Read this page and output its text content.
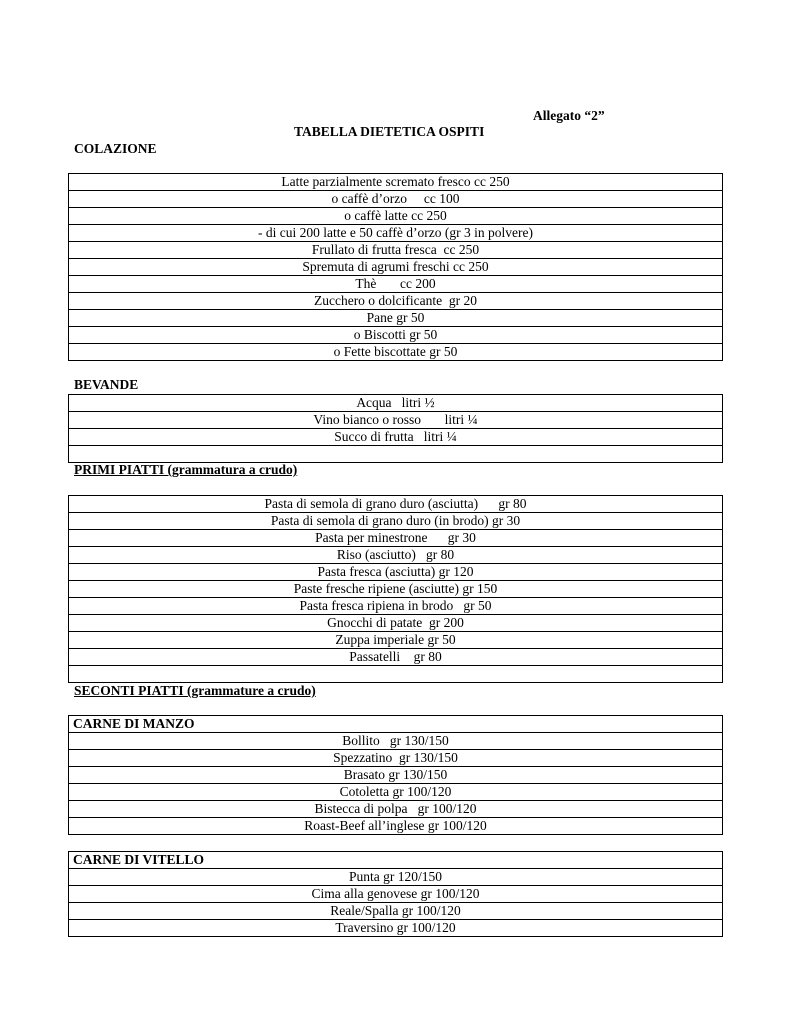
Allegato “2”
TABELLA DIETETICA OSPITI
COLAZIONE
Latte parzialmente scremato fresco cc 250
o caffè d’orzo     cc 100
o caffè latte cc 250
- di cui 200 latte e 50 caffè d’orzo (gr 3 in polvere)
Frullato di frutta fresca  cc 250
Spremuta di agrumi freschi cc 250
Thè       cc 200
Zucchero o dolcificante  gr 20
Pane gr 50
o Biscotti gr 50
o Fette biscottate gr 50
BEVANDE
Acqua   litri ½
Vino bianco o rosso       litri ¼
Succo di frutta   litri ¼

PRIMI PIATTI (grammatura a crudo)
Pasta di semola di grano duro (asciutta)      gr 80
Pasta di semola di grano duro (in brodo) gr 30
Pasta per minestrone      gr 30
Riso (asciutto)   gr 80
Pasta fresca (asciutta) gr 120
Paste fresche ripiene (asciutte) gr 150
Pasta fresca ripiena in brodo   gr 50
Gnocchi di patate  gr 200
Zuppa imperiale gr 50
Passatelli    gr 80

SECONTI PIATTI (grammature a crudo)
CARNE DI MANZO
Bollito   gr 130/150
Spezzatino  gr 130/150
Brasato gr 130/150
Cotoletta gr 100/120
Bistecca di polpa   gr 100/120
Roast-Beef all’inglese gr 100/120
CARNE DI VITELLO
Punta gr 120/150
Cima alla genovese gr 100/120
Reale/Spalla gr 100/120
Traversino gr 100/120
